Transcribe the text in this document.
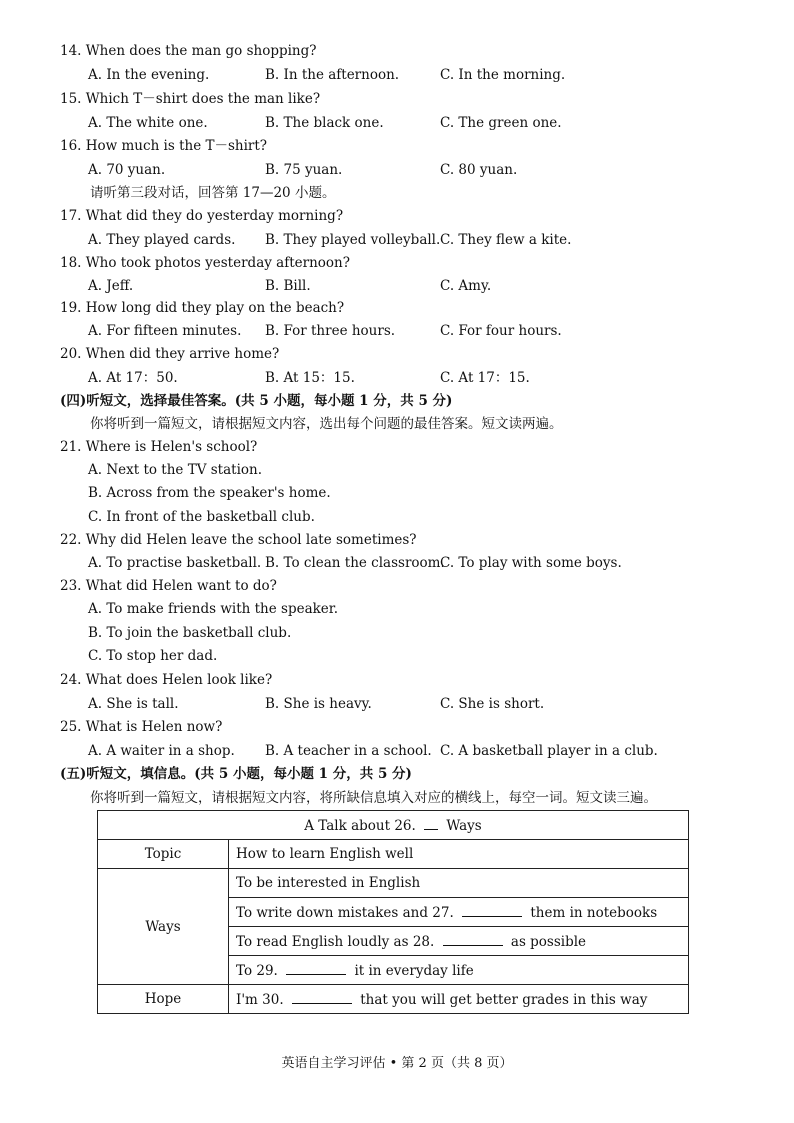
14. When does the man go shopping?
A. In the evening.	B. In the afternoon.	C. In the morning.
15. Which T－shirt does the man like?
A. The white one.	B. The black one.	C. The green one.
16. How much is the T－shirt?
A. 70 yuan.	B. 75 yuan.	C. 80 yuan.
请听第三段对话，回答第 17—20 小题。
17. What did they do yesterday morning?
A. They played cards. B. They played volleyball. C. They flew a kite.
18. Who took photos yesterday afternoon?
A. Jeff.	B. Bill.	C. Amy.
19. How long did they play on the beach?
A. For fifteen minutes. B. For three hours.	C. For four hours.
20. When did they arrive home?
A. At 17：50.	B. At 15：15.	C. At 17：15.
(四)听短文，选择最佳答案。(共 5 小题，每小题 1 分，共 5 分)
你将听到一篇短文，请根据短文内容，选出每个问题的最佳答案。短文读两遍。
21. Where is Helen's school?
A. Next to the TV station.
B. Across from the speaker's home.
C. In front of the basketball club.
22. Why did Helen leave the school late sometimes?
A. To practise basketball. B. To clean the classroom.
C. To play with some boys.
23. What did Helen want to do?
A. To make friends with the speaker.
B. To join the basketball club.
C. To stop her dad.
24. What does Helen look like?
A. She is tall.	B. She is heavy.	C. She is short.
25. What is Helen now?
A. A waiter in a shop. B. A teacher in a school. C. A basketball player in a club.
(五)听短文，填信息。(共 5 小题，每小题 1 分，共 5 分)
你将听到一篇短文，请根据短文内容，将所缺信息填入对应的横线上，每空一词。短文读三遍。
A Talk about 26. Ways	
Topic	How to learn English well
Ways	To be interested in English
	To write down mistakes and 27. them in notebooks
	To read English loudly as 28. as possible
	To 29. it in everyday life
Hope	I'm 30. that you will get better grades in this way
英语自主学习评估 • 第 2 页（共 8 页）
